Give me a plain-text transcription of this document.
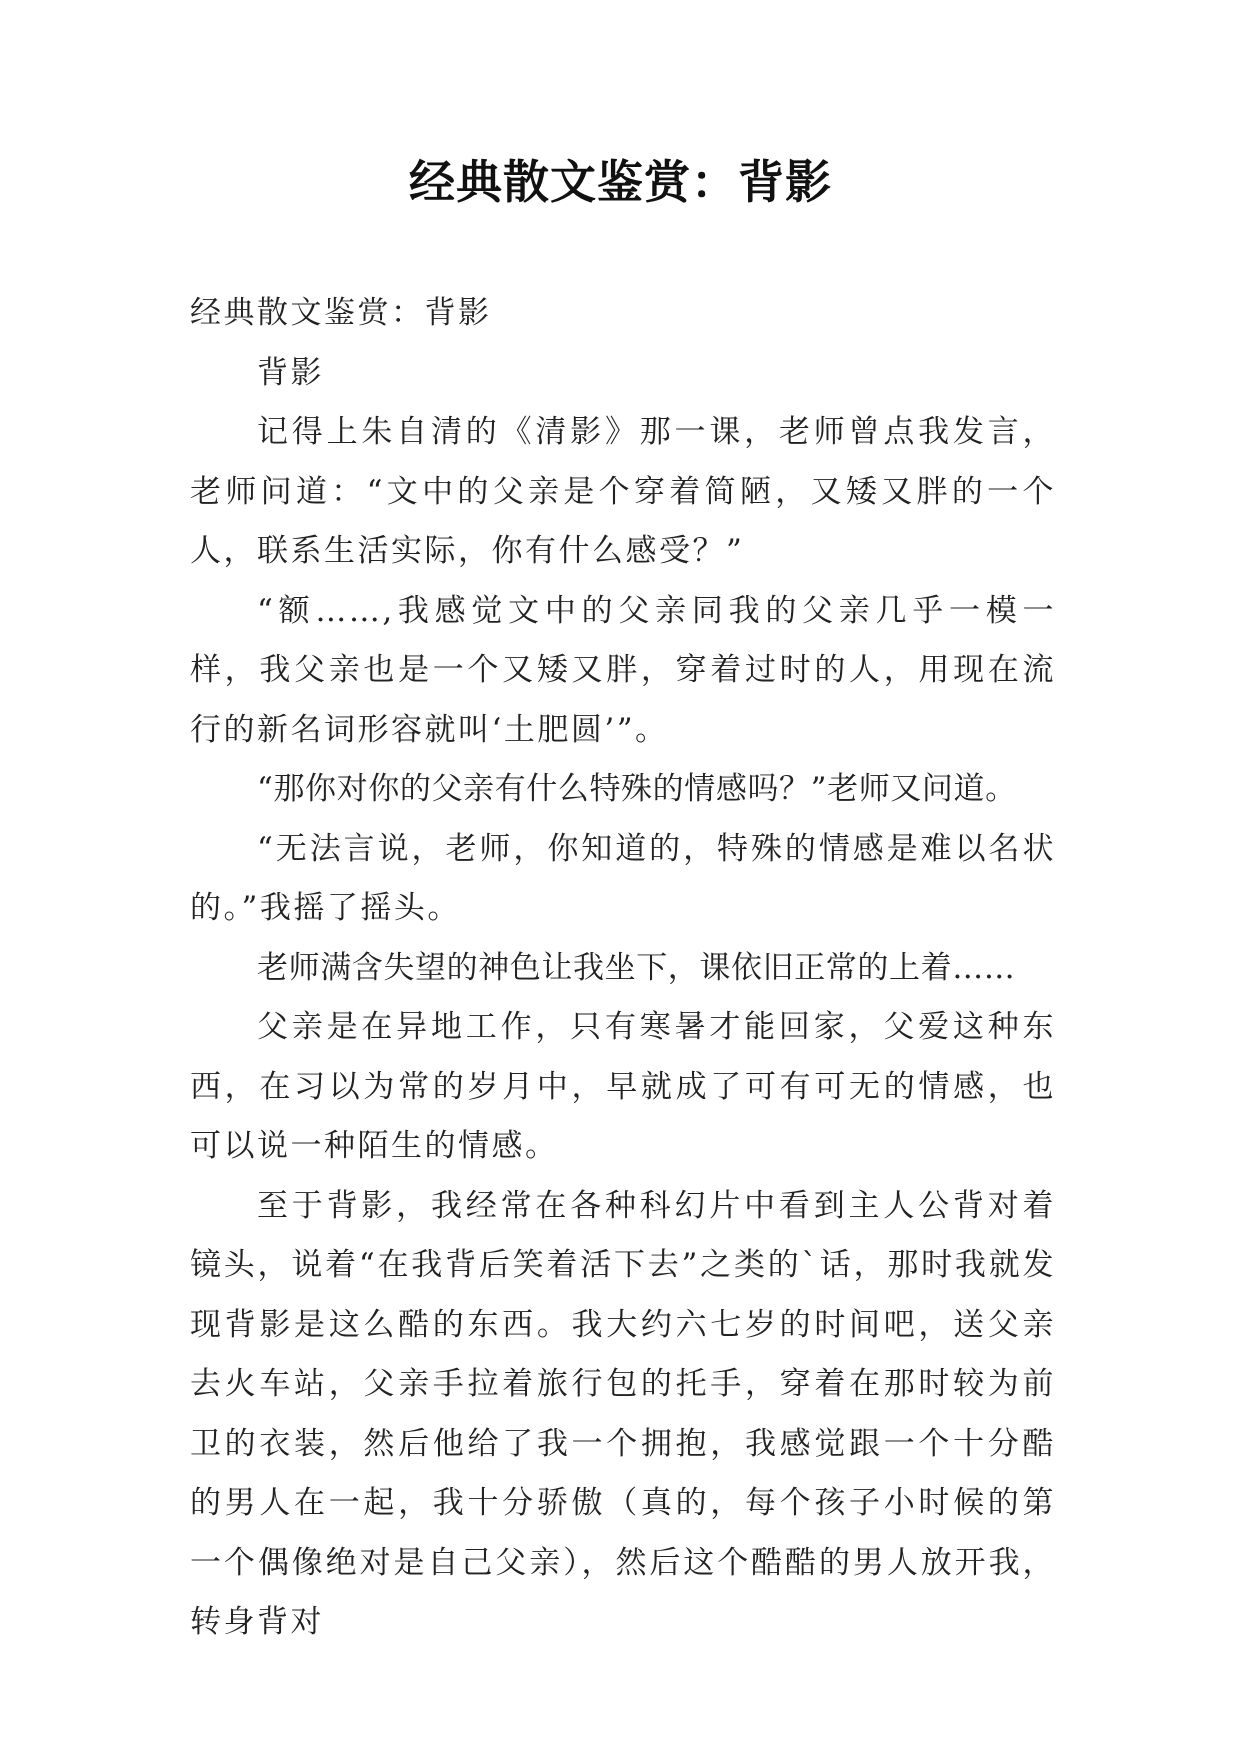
经典散文鉴赏：背影

经典散文鉴赏：背影

背影

记得上朱自清的《清影》那一课，老师曾点我发言，老师问道：“文中的父亲是个穿着简陋，又矮又胖的一个人，联系生活实际，你有什么感受？”

“额……,我感觉文中的父亲同我的父亲几乎一模一样，我父亲也是一个又矮又胖，穿着过时的人，用现在流行的新名词形容就叫‘土肥圆’”。

“那你对你的父亲有什么特殊的情感吗？”老师又问道。

“无法言说，老师，你知道的，特殊的情感是难以名状的。”我摇了摇头。

老师满含失望的神色让我坐下，课依旧正常的上着……

父亲是在异地工作，只有寒暑才能回家，父爱这种东西，在习以为常的岁月中，早就成了可有可无的情感，也可以说一种陌生的情感。

至于背影，我经常在各种科幻片中看到主人公背对着镜头，说着“在我背后笑着活下去”之类的`话，那时我就发现背影是这么酷的东西。我大约六七岁的时间吧，送父亲去火车站，父亲手拉着旅行包的托手，穿着在那时较为前卫的衣装，然后他给了我一个拥抱，我感觉跟一个十分酷的男人在一起，我十分骄傲（真的，每个孩子小时候的第一个偶像绝对是自己父亲），然后这个酷酷的男人放开我，转身背对
